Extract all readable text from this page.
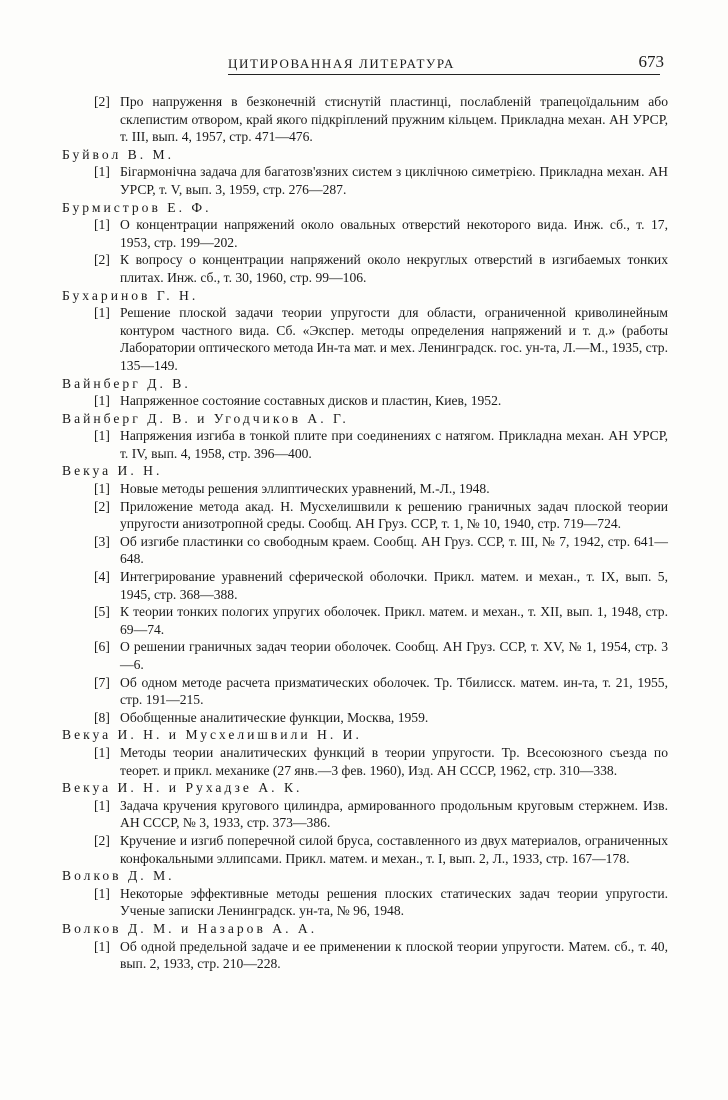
ЦИТИРОВАННАЯ ЛИТЕРАТУРА	673
[2] Про напруження в безконечній стиснутій пластинці, послабленій трапецоїдальним або склепистим отвором, край якого підкріплений пружним кільцем. Прикладна механ. АН УРСР, т. III, вып. 4, 1957, стр. 471—476.
Буйвол В. М.
[1] Бігармонічна задача для багатозв'язних систем з циклічною симетрією. Прикладна механ. АН УРСР, т. V, вып. 3, 1959, стр. 276—287.
Бурмистров Е. Ф.
[1] О концентрации напряжений около овальных отверстий некоторого вида. Инж. сб., т. 17, 1953, стр. 199—202.
[2] К вопросу о концентрации напряжений около некруглых отверстий в изгибаемых тонких плитах. Инж. сб., т. 30, 1960, стр. 99—106.
Бухаринов Г. Н.
[1] Решение плоской задачи теории упругости для области, ограниченной криволинейным контуром частного вида. Сб. «Экспер. методы определения напряжений и т. д.» (работы Лаборатории оптического метода Ин-та мат. и мех. Ленинградск. гос. ун-та, Л.—М., 1935, стр. 135—149.
Вайнберг Д. В.
[1] Напряженное состояние составных дисков и пластин, Киев, 1952.
Вайнберг Д. В. и Угодчиков А. Г.
[1] Напряжения изгиба в тонкой плите при соединениях с натягом. Прикладна механ. АН УРСР, т. IV, вып. 4, 1958, стр. 396—400.
Векуа И. Н.
[1] Новые методы решения эллиптических уравнений, М.-Л., 1948.
[2] Приложение метода акад. Н. Мусхелишвили к решению граничных задач плоской теории упругости анизотропной среды. Сообщ. АН Груз. ССР, т. 1, № 10, 1940, стр. 719—724.
[3] Об изгибе пластинки со свободным краем. Сообщ. АН Груз. ССР, т. III, № 7, 1942, стр. 641—648.
[4] Интегрирование уравнений сферической оболочки. Прикл. матем. и механ., т. IX, вып. 5, 1945, стр. 368—388.
[5] К теории тонких пологих упругих оболочек. Прикл. матем. и механ., т. XII, вып. 1, 1948, стр. 69—74.
[6] О решении граничных задач теории оболочек. Сообщ. АН Груз. ССР, т. XV, № 1, 1954, стр. 3—6.
[7] Об одном методе расчета призматических оболочек. Тр. Тбилисск. матем. ин-та, т. 21, 1955, стр. 191—215.
[8] Обобщенные аналитические функции, Москва, 1959.
Векуа И. Н. и Мусхелишвили Н. И.
[1] Методы теории аналитических функций в теории упругости. Тр. Всесоюзного съезда по теорет. и прикл. механике (27 янв.—3 фев. 1960), Изд. АН СССР, 1962, стр. 310—338.
Векуа И. Н. и Рухадзе А. К.
[1] Задача кручения кругового цилиндра, армированного продольным круговым стержнем. Изв. АН СССР, № 3, 1933, стр. 373—386.
[2] Кручение и изгиб поперечной силой бруса, составленного из двух материалов, ограниченных конфокальными эллипсами. Прикл. матем. и механ., т. I, вып. 2, Л., 1933, стр. 167—178.
Волков Д. М.
[1] Некоторые эффективные методы решения плоских статических задач теории упругости. Ученые записки Ленинградск. ун-та, № 96, 1948.
Волков Д. М. и Назаров А. А.
[1] Об одной предельной задаче и ее применении к плоской теории упругости. Матем. сб., т. 40, вып. 2, 1933, стр. 210—228.
